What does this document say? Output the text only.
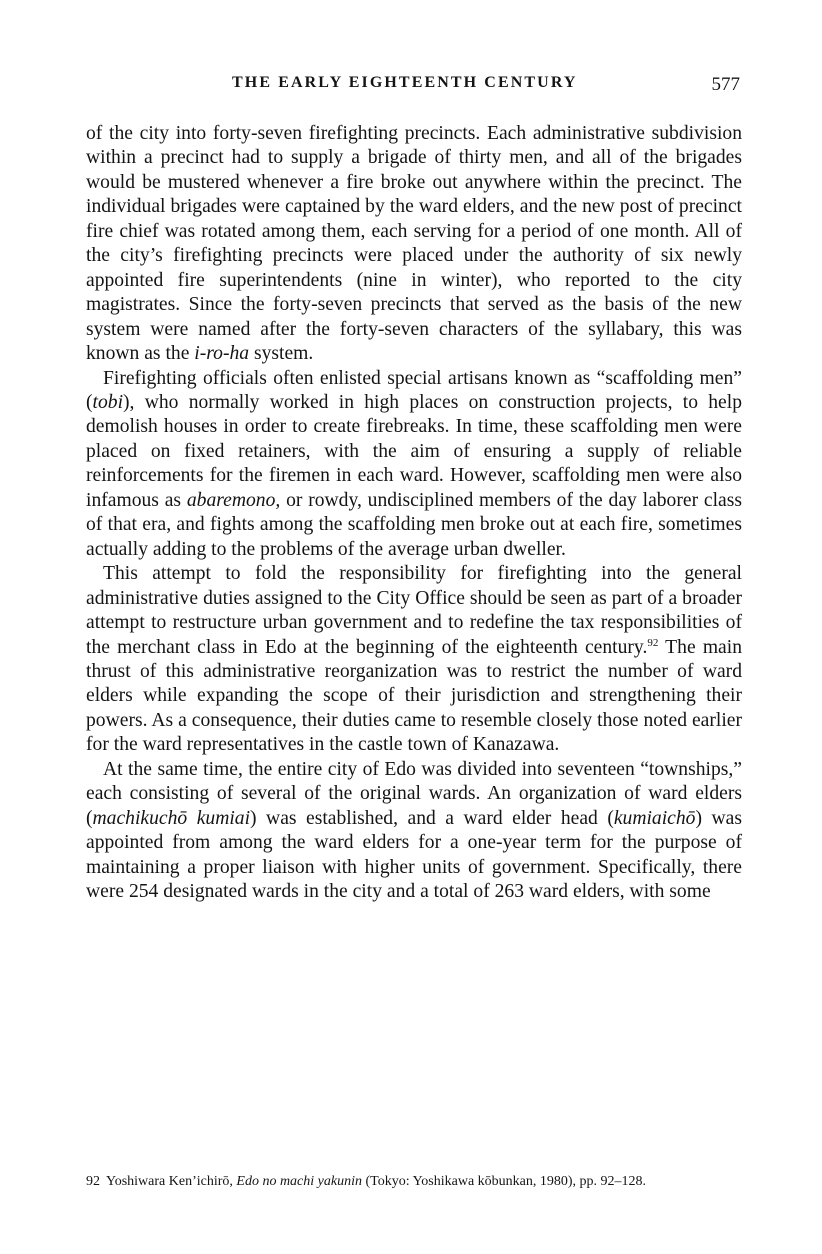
THE EARLY EIGHTEENTH CENTURY	577

of the city into forty-seven firefighting precincts. Each administrative subdivision within a precinct had to supply a brigade of thirty men, and all of the brigades would be mustered whenever a fire broke out anywhere within the precinct. The individual brigades were captained by the ward elders, and the new post of precinct fire chief was rotated among them, each serving for a period of one month. All of the city’s firefighting precincts were placed under the authority of six newly appointed fire superintendents (nine in winter), who reported to the city magistrates. Since the forty-seven precincts that served as the basis of the new system were named after the forty-seven characters of the syllabary, this was known as the i-ro-ha system.

Firefighting officials often enlisted special artisans known as “scaffolding men” (tobi), who normally worked in high places on construction projects, to help demolish houses in order to create firebreaks. In time, these scaffolding men were placed on fixed retainers, with the aim of ensuring a supply of reliable reinforcements for the firemen in each ward. However, scaffolding men were also infamous as abaremono, or rowdy, undisciplined members of the day laborer class of that era, and fights among the scaffolding men broke out at each fire, sometimes actually adding to the problems of the average urban dweller.

This attempt to fold the responsibility for firefighting into the general administrative duties assigned to the City Office should be seen as part of a broader attempt to restructure urban government and to redefine the tax responsibilities of the merchant class in Edo at the beginning of the eighteenth century.$^{92}$ The main thrust of this administrative reorganization was to restrict the number of ward elders while expanding the scope of their jurisdiction and strengthening their powers. As a consequence, their duties came to resemble closely those noted earlier for the ward representatives in the castle town of Kanazawa.

At the same time, the entire city of Edo was divided into seventeen “townships,” each consisting of several of the original wards. An organization of ward elders (machikuchō kumiai) was established, and a ward elder head (kumiaichō) was appointed from among the ward elders for a one-year term for the purpose of maintaining a proper liaison with higher units of government. Specifically, there were 254 designated wards in the city and a total of 263 ward elders, with some

92 Yoshiwara Ken’ichirō, Edo no machi yakunin (Tokyo: Yoshikawa kōbunkan, 1980), pp. 92–128.
